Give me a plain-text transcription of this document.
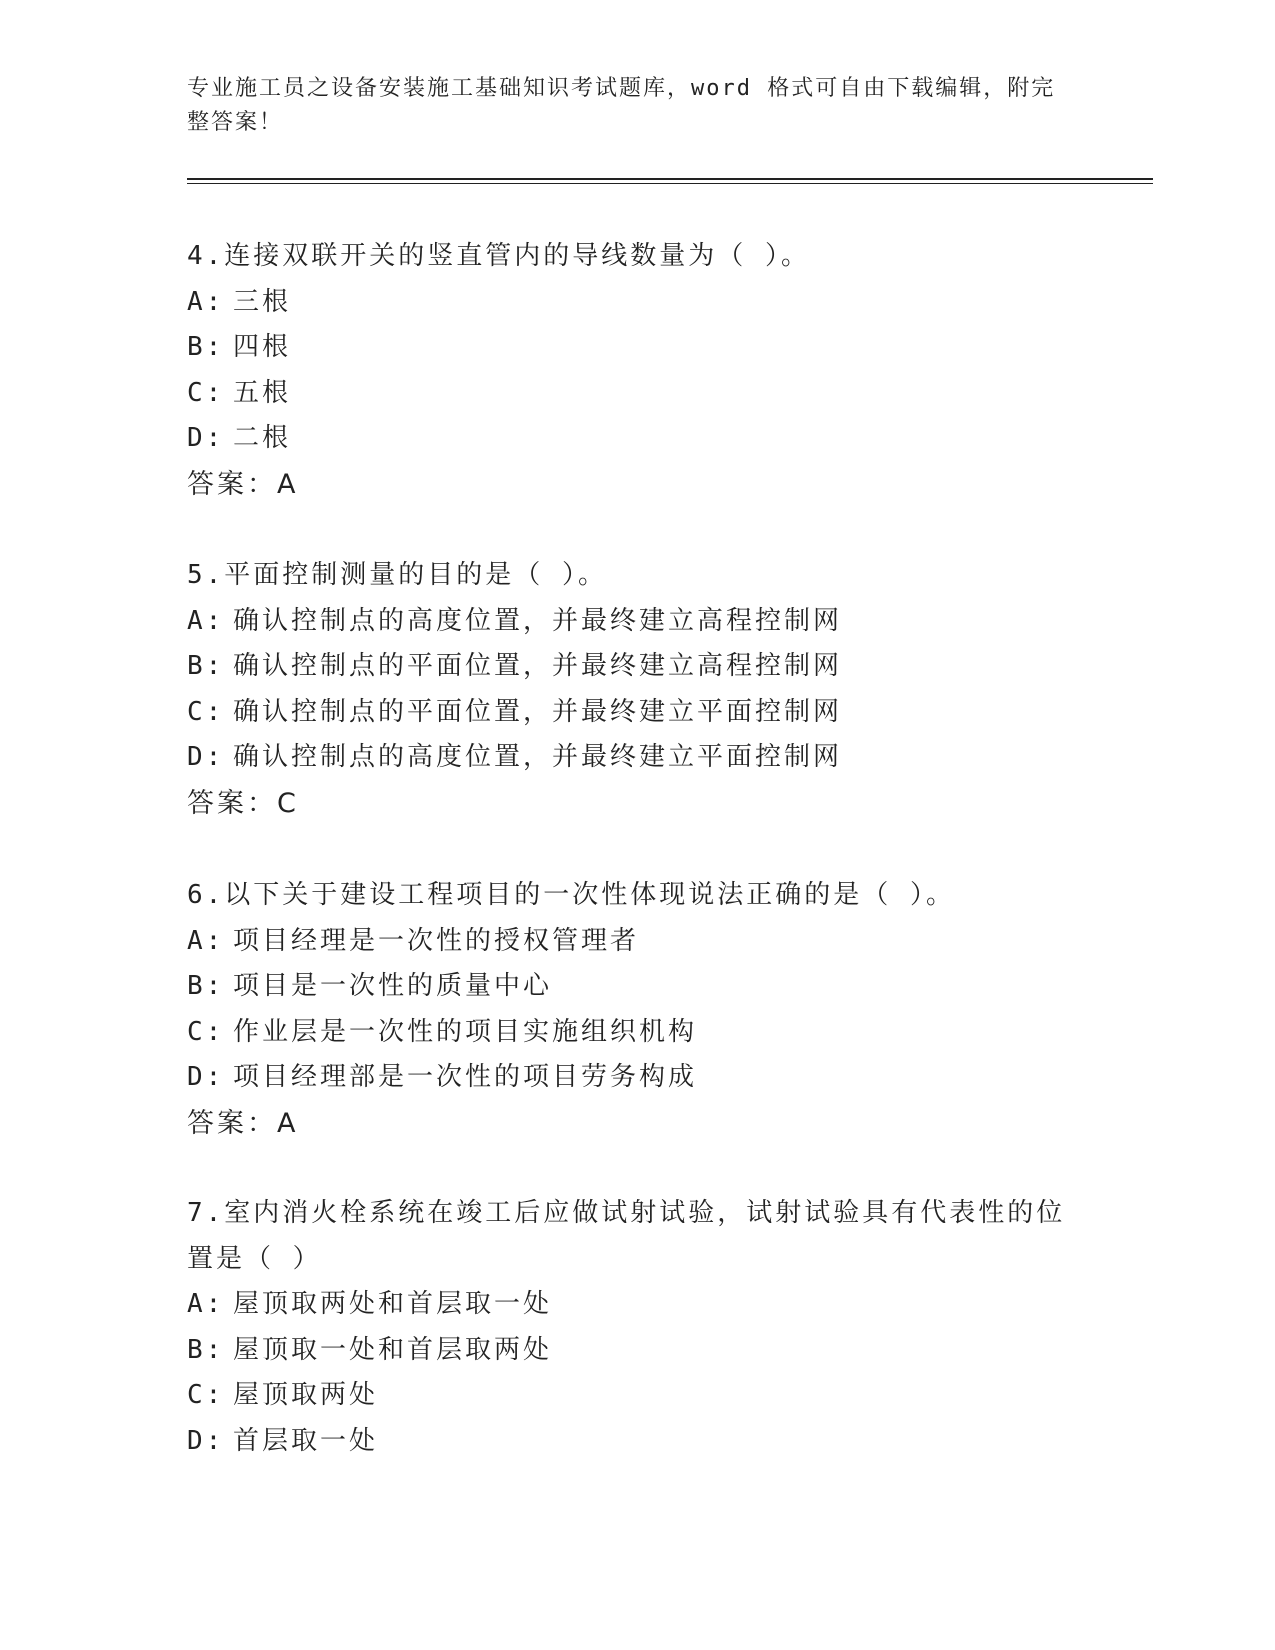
专业施工员之设备安装施工基础知识考试题库，word 格式可自由下载编辑，附完整答案！
4.连接双联开关的竖直管内的导线数量为（ ）。
A: 三根
B: 四根
C: 五根
D: 二根
答案：A
5.平面控制测量的目的是（ ）。
A: 确认控制点的高度位置，并最终建立高程控制网
B: 确认控制点的平面位置，并最终建立高程控制网
C: 确认控制点的平面位置，并最终建立平面控制网
D: 确认控制点的高度位置，并最终建立平面控制网
答案：C
6.以下关于建设工程项目的一次性体现说法正确的是（ ）。
A: 项目经理是一次性的授权管理者
B: 项目是一次性的质量中心
C: 作业层是一次性的项目实施组织机构
D: 项目经理部是一次性的项目劳务构成
答案：A
7.室内消火栓系统在竣工后应做试射试验，试射试验具有代表性的位置是（ ）
A: 屋顶取两处和首层取一处
B: 屋顶取一处和首层取两处
C: 屋顶取两处
D: 首层取一处
